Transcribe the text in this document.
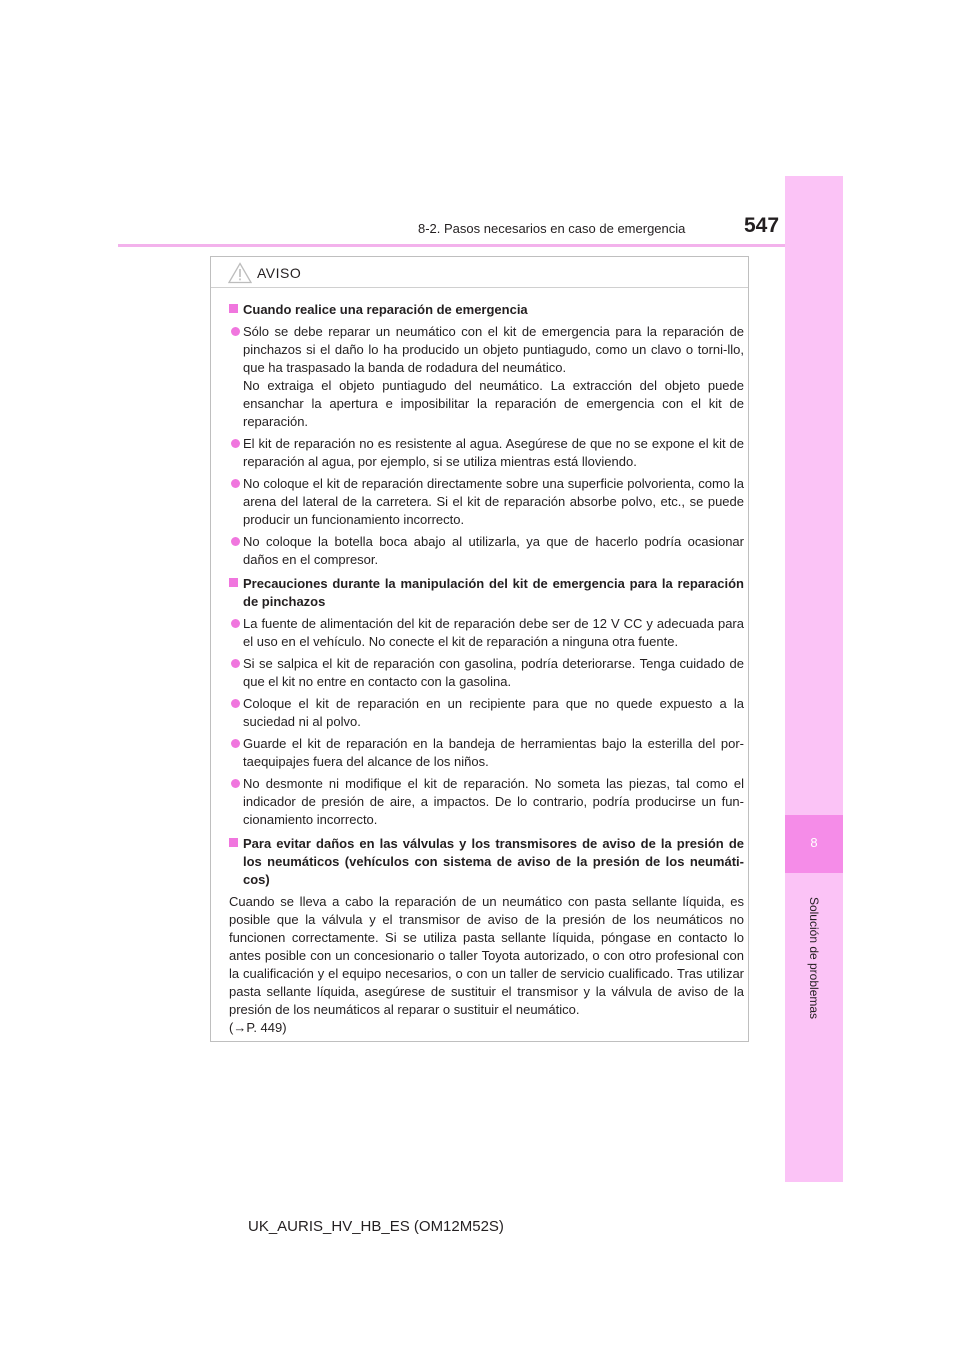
8-2. Pasos necesarios en caso de emergencia	547
8
Solución de problemas
AVISO
Cuando realice una reparación de emergencia
Sólo se debe reparar un neumático con el kit de emergencia para la reparación de pinchazos si el daño lo ha producido un objeto puntiagudo, como un clavo o torni-llo, que ha traspasado la banda de rodadura del neumático.
No extraiga el objeto puntiagudo del neumático. La extracción del objeto puede ensanchar la apertura e imposibilitar la reparación de emergencia con el kit de reparación.
El kit de reparación no es resistente al agua. Asegúrese de que no se expone el kit de reparación al agua, por ejemplo, si se utiliza mientras está lloviendo.
No coloque el kit de reparación directamente sobre una superficie polvorienta, como la arena del lateral de la carretera. Si el kit de reparación absorbe polvo, etc., se puede producir un funcionamiento incorrecto.
No coloque la botella boca abajo al utilizarla, ya que de hacerlo podría ocasionar daños en el compresor.
Precauciones durante la manipulación del kit de emergencia para la reparación de pinchazos
La fuente de alimentación del kit de reparación debe ser de 12 V CC y adecuada para el uso en el vehículo. No conecte el kit de reparación a ninguna otra fuente.
Si se salpica el kit de reparación con gasolina, podría deteriorarse. Tenga cuidado de que el kit no entre en contacto con la gasolina.
Coloque el kit de reparación en un recipiente para que no quede expuesto a la suciedad ni al polvo.
Guarde el kit de reparación en la bandeja de herramientas bajo la esterilla del por-taequipajes fuera del alcance de los niños.
No desmonte ni modifique el kit de reparación. No someta las piezas, tal como el indicador de presión de aire, a impactos. De lo contrario, podría producirse un fun-cionamiento incorrecto.
Para evitar daños en las válvulas y los transmisores de aviso de la presión de los neumáticos (vehículos con sistema de aviso de la presión de los neumáti-cos)
Cuando se lleva a cabo la reparación de un neumático con pasta sellante líquida, es posible que la válvula y el transmisor de aviso de la presión de los neumáticos no funcionen correctamente. Si se utiliza pasta sellante líquida, póngase en contacto lo antes posible con un concesionario o taller Toyota autorizado, o con otro profesional con la cualificación y el equipo necesarios, o con un taller de servicio cualificado. Tras utilizar pasta sellante líquida, asegúrese de sustituir el transmisor y la válvula de aviso de la presión de los neumáticos al reparar o sustituir el neumático.
(→P. 449)
UK_AURIS_HV_HB_ES (OM12M52S)
